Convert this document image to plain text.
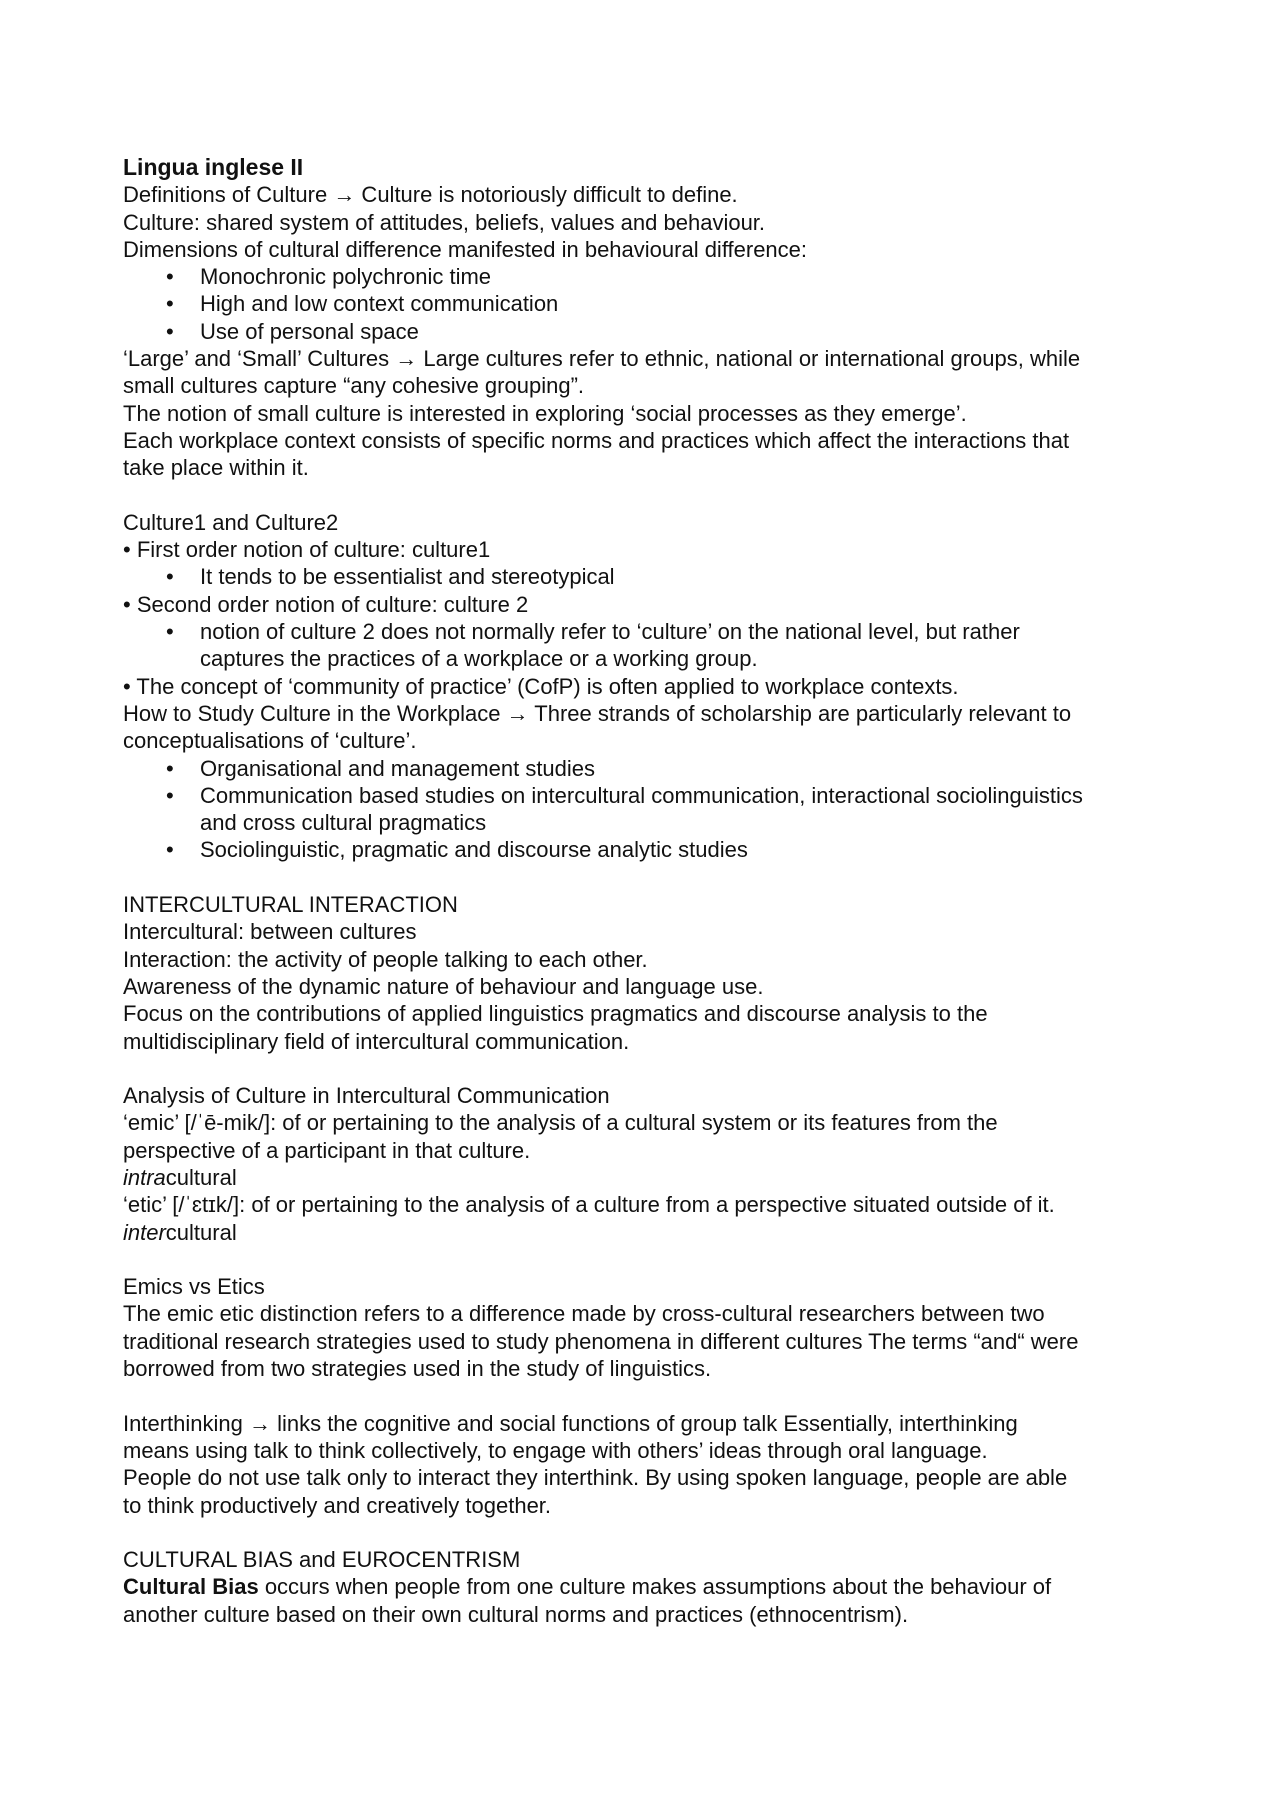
Lingua inglese II
Definitions of Culture → Culture is notoriously difficult to define.
Culture: shared system of attitudes, beliefs, values and behaviour.
Dimensions of cultural difference manifested in behavioural difference:
• Monochronic polychronic time
• High and low context communication
• Use of personal space
‘Large’ and ‘Small’ Cultures → Large cultures refer to ethnic, national or international groups, while
small cultures capture “any cohesive grouping”.
The notion of small culture is interested in exploring ‘social processes as they emerge’.
Each workplace context consists of specific norms and practices which affect the interactions that
take place within it.
Culture1 and Culture2
• First order notion of culture: culture1
• It tends to be essentialist and stereotypical
• Second order notion of culture: culture 2
• notion of culture 2 does not normally refer to ‘culture’ on the national level, but rather
captures the practices of a workplace or a working group.
• The concept of ‘community of practice’ (CofP) is often applied to workplace contexts.
How to Study Culture in the Workplace → Three strands of scholarship are particularly relevant to
conceptualisations of ‘culture’.
• Organisational and management studies
• Communication based studies on intercultural communication, interactional sociolinguistics
and cross cultural pragmatics
• Sociolinguistic, pragmatic and discourse analytic studies
INTERCULTURAL INTERACTION
Intercultural: between cultures
Interaction: the activity of people talking to each other.
Awareness of the dynamic nature of behaviour and language use.
Focus on the contributions of applied linguistics pragmatics and discourse analysis to the
multidisciplinary field of intercultural communication.
Analysis of Culture in Intercultural Communication
‘emic’ [/ˈē-mik/]: of or pertaining to the analysis of a cultural system or its features from the
perspective of a participant in that culture.
intracultural
‘etic’ [/ˈɛtɪk/]: of or pertaining to the analysis of a culture from a perspective situated outside of it.
intercultural
Emics vs Etics
The emic etic distinction refers to a difference made by cross-cultural researchers between two
traditional research strategies used to study phenomena in different cultures The terms “and“ were
borrowed from two strategies used in the study of linguistics.
Interthinking → links the cognitive and social functions of group talk Essentially, interthinking
means using talk to think collectively, to engage with others’ ideas through oral language.
People do not use talk only to interact they interthink. By using spoken language, people are able
to think productively and creatively together.
CULTURAL BIAS and EUROCENTRISM
Cultural Bias occurs when people from one culture makes assumptions about the behaviour of
another culture based on their own cultural norms and practices (ethnocentrism).
